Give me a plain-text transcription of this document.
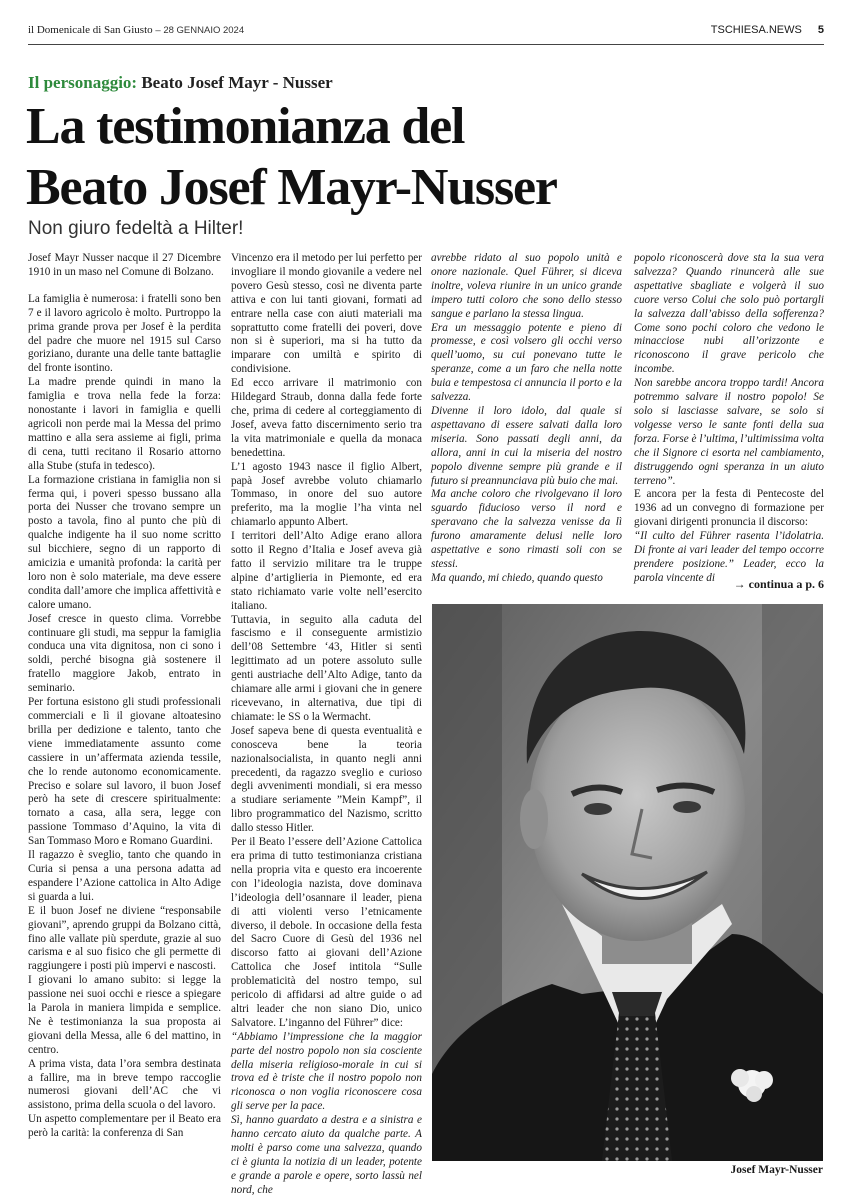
il Domenicale di San Giusto – 28 GENNAIO 2024	TSCHIESA.NEWS 5
Il personaggio: Beato Josef Mayr - Nusser
La testimonianza del
Beato Josef Mayr-Nusser
Non giuro fedeltà a Hilter!

Josef Mayr Nusser nacque il 27 Dicembre 1910 in un maso nel Comune di Bolzano.

La famiglia è numerosa: i fratelli sono ben 7 e il lavoro agricolo è molto. Purtroppo la prima grande prova per Josef è la perdita del padre che muore nel 1915 sul Carso goriziano, durante una delle tante battaglie del fronte isontino.

La madre prende quindi in mano la famiglia e trova nella fede la forza: nonostante i lavori in famiglia e quelli agricoli non perde mai la Messa del primo mattino e alla sera assieme ai figli, prima di cena, tutti recitano il Rosario attorno alla Stube (stufa in tedesco).

La formazione cristiana in famiglia non si ferma qui, i poveri spesso bussano alla porta dei Nusser che trovano sempre un posto a tavola, fino al punto che più di qualche indigente ha il suo nome scritto sul bicchiere, segno di un rapporto di amicizia e umanità profonda: la carità per loro non è solo materiale, ma deve essere condita dall’amore che implica affettività e calore umano.

Josef cresce in questo clima. Vorrebbe continuare gli studi, ma seppur la famiglia conduca una vita dignitosa, non ci sono i soldi, perché bisogna già sostenere il fratello maggiore Jakob, entrato in seminario.

Per fortuna esistono gli studi professionali commerciali e lì il giovane altoatesino brilla per dedizione e talento, tanto che viene immediatamente assunto come cassiere in un’affermata azienda tessile, che lo rende autonomo economicamente. Preciso e solare sul lavoro, il buon Josef però ha sete di crescere spiritualmente: tornato a casa, alla sera, legge con passione Tommaso d’Aquino, la vita di San Tommaso Moro e Romano Guardini.

Il ragazzo è sveglio, tanto che quando in Curia si pensa a una persona adatta ad espandere l’Azione cattolica in Alto Adige si guarda a lui.

E il buon Josef ne diviene “responsabile giovani”, aprendo gruppi da Bolzano città, fino alle vallate più sperdute, grazie al suo carisma e al suo fisico che gli permette di raggiungere i posti più impervi e nascosti.

I giovani lo amano subito: si legge la passione nei suoi occhi e riesce a spiegare la Parola in maniera limpida e semplice. Ne è testimonianza la sua proposta ai giovani della Messa, alle 6 del mattino, in centro.

A prima vista, data l’ora sembra destinata a fallire, ma in breve tempo raccoglie numerosi giovani dell’AC che vi assistono, prima della scuola o del lavoro.

Un aspetto complementare per il Beato era però la carità: la conferenza di San

Vincenzo era il metodo per lui perfetto per invogliare il mondo giovanile a vedere nel povero Gesù stesso, così ne diventa parte attiva e con lui tanti giovani, formati ad entrare nella case con aiuti materiali ma soprattutto come fratelli dei poveri, dove non si è superiori, ma si ha tutto da imparare con umiltà e spirito di condivisione.

Ed ecco arrivare il matrimonio con Hildegard Straub, donna dalla fede forte che, prima di cedere al corteggiamento di Josef, aveva fatto discernimento serio tra la vita matrimoniale e quella da monaca benedettina.

L’1 agosto 1943 nasce il figlio Albert, papà Josef avrebbe voluto chiamarlo Tommaso, in onore del suo autore preferito, ma la moglie l’ha vinta nel chiamarlo appunto Albert.

I territori dell’Alto Adige erano allora sotto il Regno d’Italia e Josef aveva già fatto il servizio militare tra le truppe alpine d’artiglieria in Piemonte, ed era stato richiamato varie volte nell’esercito italiano.

Tuttavia, in seguito alla caduta del fascismo e il conseguente armistizio dell’08 Settembre ‘43, Hitler si sentì legittimato ad un potere assoluto sulle genti austriache dell’Alto Adige, tanto da chiamare alle armi i giovani che in genere ricevevano, in alternativa, due tipi di chiamate: le SS o la Wermacht.

Josef sapeva bene di questa eventualità e conosceva bene la teoria nazionalsocialista, in quanto negli anni precedenti, da ragazzo sveglio e curioso degli avvenimenti mondiali, si era messo a studiare seriamente ”Mein Kampf”, il libro programmatico del Nazismo, scritto dallo stesso Hitler.

Per il Beato l’essere dell’Azione Cattolica era prima di tutto testimonianza cristiana nella propria vita e questo era incoerente con l’ideologia nazista, dove dominava l’ideologia dell’osannare il leader, piena di atti violenti verso l’etnicamente diverso, il debole. In occasione della festa del Sacro Cuore di Gesù del 1936 nel discorso fatto ai giovani dell’Azione Cattolica che Josef intitola “Sulle problematicità del nostro tempo, sul pericolo di affidarsi ad altre guide o ad altri leader che non siano Dio, unico Salvatore. L’inganno del Führer” dice:

“Abbiamo l’impressione che la maggior parte del nostro popolo non sia cosciente della miseria religioso-morale in cui si trova ed è triste che il nostro popolo non riconosca o non voglia riconoscere cosa gli serve per la pace.

Sì, hanno guardato a destra e a sinistra e hanno cercato aiuto da qualche parte. A molti è parso come una salvezza, quando ci è giunta la notizia di un leader, potente e grande a parole e opere, sorto lassù nel nord, che

avrebbe ridato al suo popolo unità e onore nazionale. Quel Führer, si diceva inoltre, voleva riunire in un unico grande impero tutti coloro che sono dello stesso sangue e parlano la stessa lingua.

Era un messaggio potente e pieno di promesse, e così volsero gli occhi verso quell’uomo, su cui ponevano tutte le speranze, come a un faro che nella notte buia e tempestosa ci annuncia il porto e la salvezza.

Divenne il loro idolo, dal quale si aspettavano di essere salvati dalla loro miseria. Sono passati degli anni, da allora, anni in cui la miseria del nostro popolo divenne sempre più grande e il futuro si preannunciava più buio che mai.

Ma anche coloro che rivolgevano il loro sguardo fiducioso verso il nord e speravano che la salvezza venisse da lì furono amaramente delusi nelle loro aspettative e sono rimasti soli con se stessi.

Ma quando, mi chiedo, quando questo

popolo riconoscerà dove sta la sua vera salvezza? Quando rinuncerà alle sue aspettative sbagliate e volgerà il suo cuore verso Colui che solo può portargli la salvezza dall’abisso della sofferenza? Come sono pochi coloro che vedono le minacciose nubi all’orizzonte e riconoscono il grave pericolo che incombe.

Non sarebbe ancora troppo tardi! Ancora potremmo salvare il nostro popolo! Se solo si lasciasse salvare, se solo si volgesse verso le sante fonti della sua forza. Forse è l’ultima, l’ultimissima volta che il Signore ci esorta nel cambiamento, distruggendo ogni speranza in un aiuto terreno”.

E ancora per la festa di Pentecoste del 1936 ad un convegno di formazione per giovani dirigenti pronuncia il discorso:

“Il culto del Führer rasenta l’idolatria. Di fronte ai vari leader del tempo occorre prendere posizione.” Leader, ecco la parola vincente di	→ continua a p. 6
Josef Mayr-Nusser
